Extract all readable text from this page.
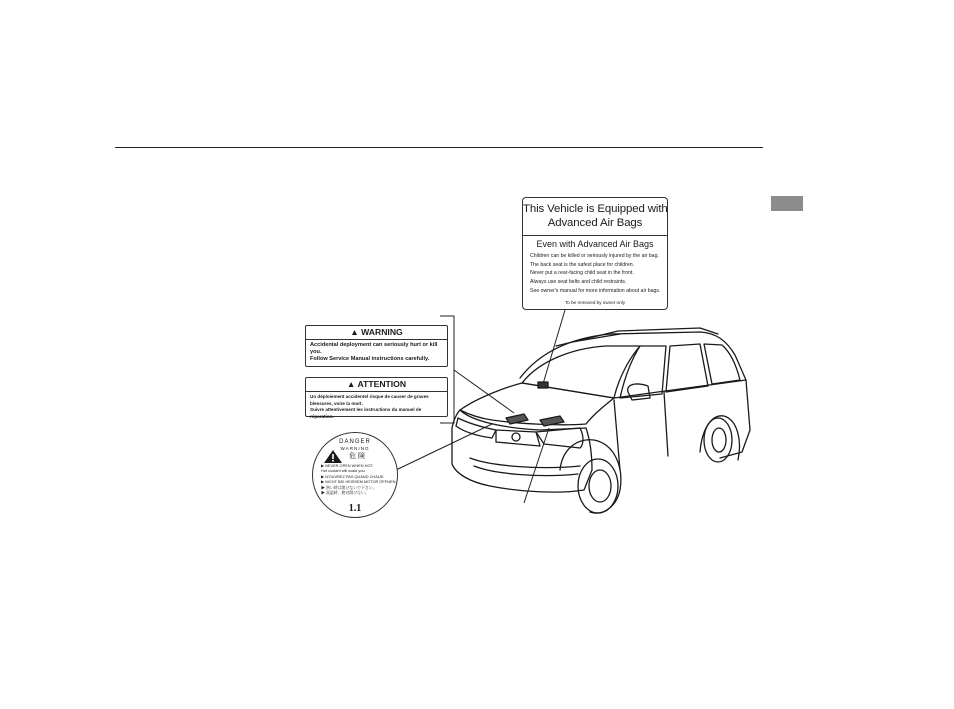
This Vehicle is Equipped with
Advanced Air Bags
Even with Advanced Air Bags
Children can be killed or seriously injured by the air bag.
The back seat is the safest place for children.
Never put a rear-facing child seat in the front.
Always use seat belts and child restraints.
See owner's manual for more information about air bags.
To be removed by owner only
▲ WARNING
Accidental deployment can seriously hurt or kill you.
Follow Service Manual instructions carefully.
▲ ATTENTION
Un déploiement accidentel risque de causer de graves blessures, voire la mort.
Suivre attentivement les instructions du manuel de réparation.
DANGER
WARNING
危 険
▶ NEVER OPEN WHEN HOT.
Hot coolant will scald you.
▶ N'OUVREZ PAS QUAND CHAUD.
▶ NICHT BEI HEISSEM MOTOR ÖFFNEN.
▶ 熱い時は開けないで下さい。
▶ 高温時、絶対開けない。
1.1
